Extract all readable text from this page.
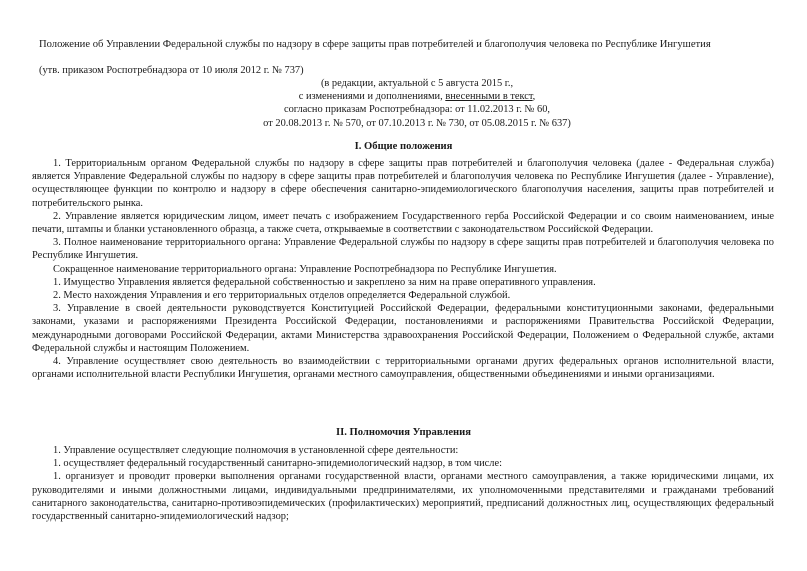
Положение об Управлении Федеральной службы по надзору в сфере защиты прав потребителей и благополучия человека по Республике Ингушетия
(утв. приказом Роспотребнадзора от 10 июля 2012 г. № 737)
(в редакции, актуальной с 5 августа 2015 г.,
с изменениями и дополнениями, внесенными в текст,
согласно приказам Роспотребнадзора: от 11.02.2013 г. № 60,
от 20.08.2013 г. № 570, от 07.10.2013 г. № 730, от 05.08.2015 г. № 637)
I. Общие положения

1. Территориальным органом Федеральной службы по надзору в сфере защиты прав потребителей и благополучия человека (далее - Федеральная служба) является Управление Федеральной службы по надзору в сфере защиты прав потребителей и благополучия человека по Республике Ингушетия (далее - Управление), осуществляющее функции по контролю и надзору в сфере обеспечения санитарно-эпидемиологического благополучия населения, защиты прав потребителей и потребительского рынка.

2. Управление является юридическим лицом, имеет печать с изображением Государственного герба Российской Федерации и со своим наименованием, иные печати, штампы и бланки установленного образца, а также счета, открываемые в соответствии с законодательством Российской Федерации.

3. Полное наименование территориального органа: Управление Федеральной службы по надзору в сфере защиты прав потребителей и благополучия человека по Республике Ингушетия.

Сокращенное наименование территориального органа: Управление Роспотребнадзора по Республике Ингушетия.

1. Имущество Управления является федеральной собственностью и закреплено за ним на праве оперативного управления.

2. Место нахождения Управления и его территориальных отделов определяется Федеральной службой.

3. Управление в своей деятельности руководствуется Конституцией Российской Федерации, федеральными конституционными законами, федеральными законами, указами и распоряжениями Президента Российской Федерации, постановлениями и распоряжениями Правительства Российской Федерации, международными договорами Российской Федерации, актами Министерства здравоохранения Российской Федерации, Положением о Федеральной службе, актами Федеральной службы и настоящим Положением.

4. Управление осуществляет свою деятельность во взаимодействии с территориальными органами других федеральных органов исполнительной власти, органами исполнительной власти Республики Ингушетия, органами местного самоуправления, общественными объединениями и иными организациями.

II. Полномочия Управления

1. Управление осуществляет следующие полномочия в установленной сфере деятельности:

1. осуществляет федеральный государственный санитарно-эпидемиологический надзор, в том числе:

1. организует и проводит проверки выполнения органами государственной власти, органами местного самоуправления, а также юридическими лицами, их руководителями и иными должностными лицами, индивидуальными предпринимателями, их уполномоченными представителями и гражданами требований санитарного законодательства, санитарно-противоэпидемических (профилактических) мероприятий, предписаний должностных лиц, осуществляющих федеральный государственный санитарно-эпидемиологический надзор;
